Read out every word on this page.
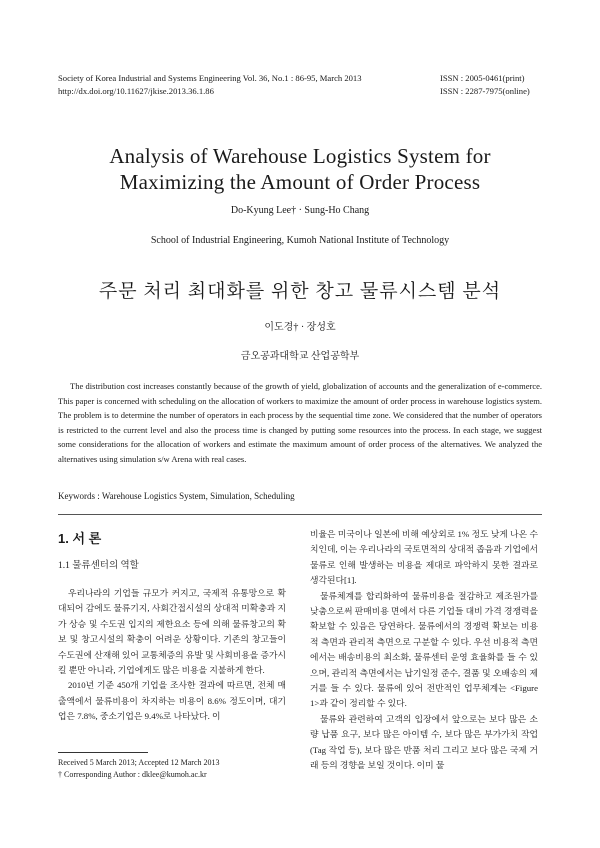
Society of Korea Industrial and Systems Engineering Vol. 36, No.1 : 86-95, March 2013
http://dx.doi.org/10.11627/jkise.2013.36.1.86
ISSN : 2005-0461(print)
ISSN : 2287-7975(online)
Analysis of Warehouse Logistics System for
Maximizing the Amount of Order Process
Do-Kyung Lee† · Sung-Ho Chang
School of Industrial Engineering, Kumoh National Institute of Technology
주문 처리 최대화를 위한 창고 물류시스템 분석
이도경† · 장성호
금오공과대학교 산업공학부

The distribution cost increases constantly because of the growth of yield, globalization of accounts and the generalization of e-commerce. This paper is concerned with scheduling on the allocation of workers to maximize the amount of order process in warehouse logistics system. The problem is to determine the number of operators in each process by the sequential time zone. We considered that the number of operators is restricted to the current level and also the process time is changed by putting some resources into the process. In each stage, we suggest some considerations for the allocation of workers and estimate the maximum amount of order process of the alternatives. We analyzed the alternatives using simulation s/w Arena with real cases.

Keywords : Warehouse Logistics System, Simulation, Scheduling
1. 서 론
1.1 물류센터의 역할

우리나라의 기업들 규모가 커지고, 국제적 유통망으로 확대되어 감에도 물류기지, 사회간접시설의 상대적 미확충과 지가 상승 및 수도권 입지의 제한요소 등에 의해 물류창고의 확보 및 창고시설의 확충이 어려운 상황이다. 기존의 창고들이 수도권에 산재해 있어 교통체증의 유발 및 사회비용을 증가시킬 뿐만 아니라, 기업에게도 많은 비용을 지불하게 한다.

2010년 기준 450개 기업을 조사한 결과에 따르면, 전체 매출액에서 물류비용이 차지하는 비용이 8.6% 정도이며, 대기업은 7.8%, 중소기업은 9.4%로 나타났다. 이

비율은 미국이나 일본에 비해 예상외로 1% 정도 낮게 나온 수치인데, 이는 우리나라의 국토면적의 상대적 좁음과 기업에서 물류로 인해 발생하는 비용을 제대로 파악하지 못한 결과로 생각된다[1].

물류체계를 합리화하여 물류비용을 절감하고 제조원가를 낮춤으로써 판매비용 면에서 다른 기업들 대비 가격 경쟁력을 확보할 수 있음은 당연하다. 물류에서의 경쟁력 확보는 비용적 측면과 관리적 측면으로 구분할 수 있다. 우선 비용적 측면에서는 배송비용의 최소화, 물류센터 운영 효율화를 들 수 있으며, 관리적 측면에서는 납기일정 준수, 결품 및 오배송의 제거를 들 수 있다. 물류에 있어 전반적인 업무체계는 <Figure 1>과 같이 정리할 수 있다.

물류와 관련하여 고객의 입장에서 앞으로는 보다 많은 소량 납품 요구, 보다 많은 아이템 수, 보다 많은 부가가치 작업(Tag 작업 등), 보다 많은 반품 처리 그리고 보다 많은 국제 거래 등의 경향을 보일 것이다. 이미 물

Received 5 March 2013; Accepted 12 March 2013
† Corresponding Author : dklee@kumoh.ac.kr
